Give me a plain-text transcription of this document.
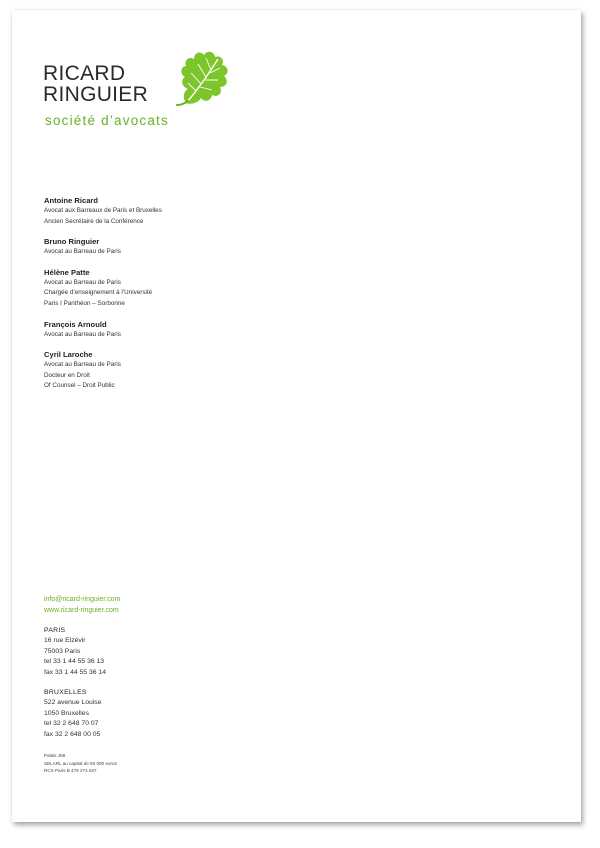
RICARD
RINGUIER
société d’avocats
Antoine Ricard
Avocat aux Barreaux de Paris et Bruxelles
Ancien Secrétaire de la Conférence
Bruno Ringuier
Avocat au Barreau de Paris
Hélène Patte
Avocat au Barreau de Paris
Chargée d’enseignement à l’Université
Paris I Panthéon – Sorbonne
François Arnould
Avocat au Barreau de Paris
Cyril Laroche
Avocat au Barreau de Paris
Docteur en Droit
Of Counsel – Droit Public
info@ricard-ringuier.com
www.ricard-ringuier.com
PARIS
16 rue Elzévir
75003 Paris
tel 33 1 44 55 36 13
fax 33 1 44 55 36 14
BRUXELLES
522 avenue Louise
1050 Bruxelles
tel 32 2 648 70 07
fax 32 2 648 00 05
Palais J58
SELARL au capital de 50 000 euros
RCS Paris B 479 274 847
